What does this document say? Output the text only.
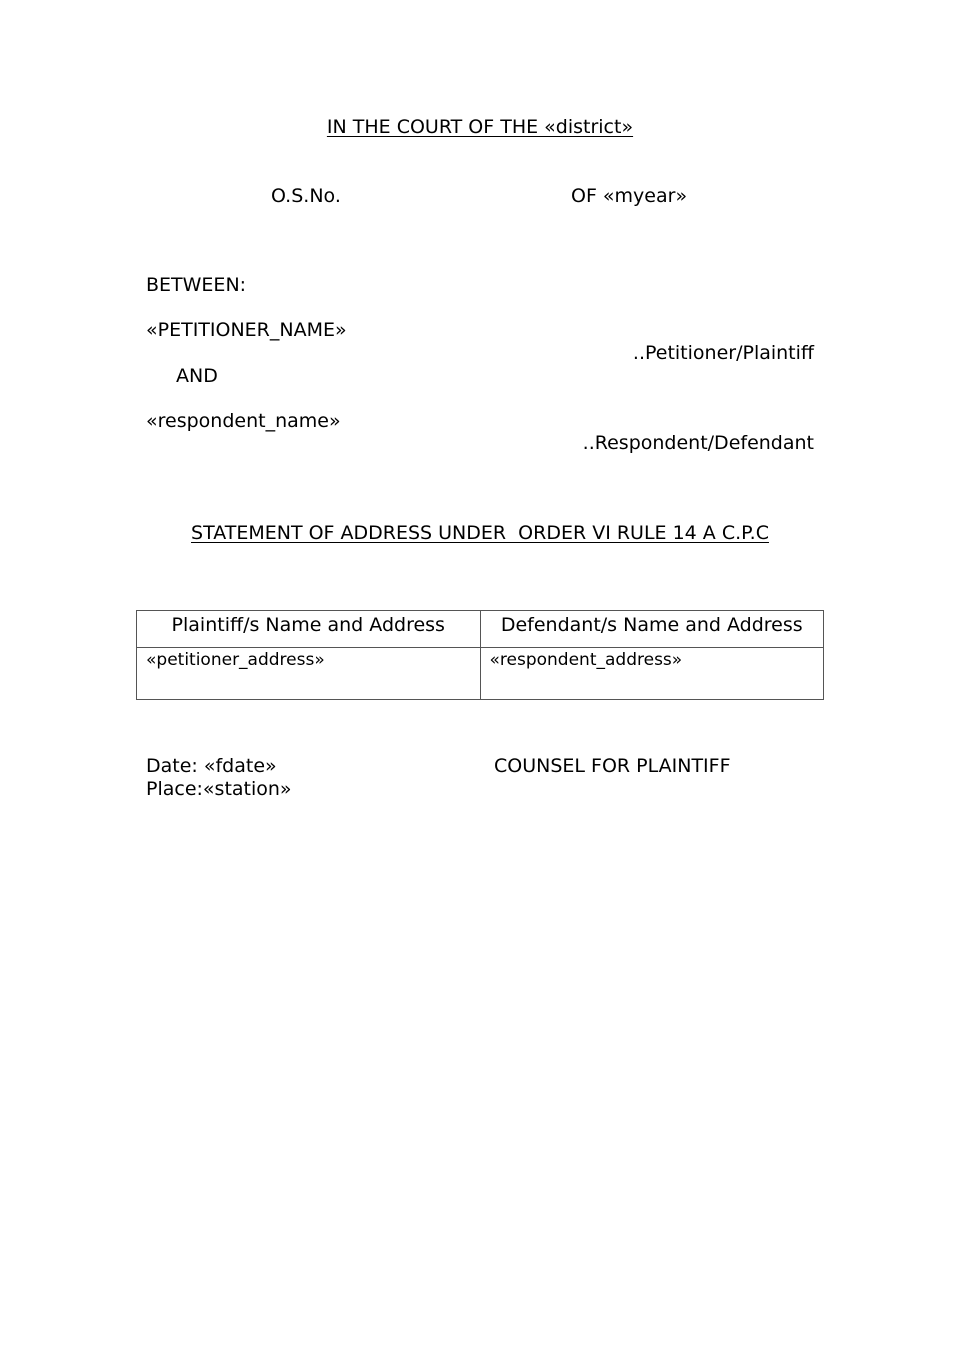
IN THE COURT OF THE «district»
O.S.No.	OF «myear»
BETWEEN:
«PETITIONER_NAME»
..Petitioner/Plaintiff
AND
«respondent_name»
..Respondent/Defendant
STATEMENT OF ADDRESS UNDER  ORDER VI RULE 14 A C.P.C
Plaintiff/s Name and Address	Defendant/s Name and Address
«petitioner_address»	«respondent_address»
Date: «fdate»	COUNSEL FOR PLAINTIFF
Place:«station»
